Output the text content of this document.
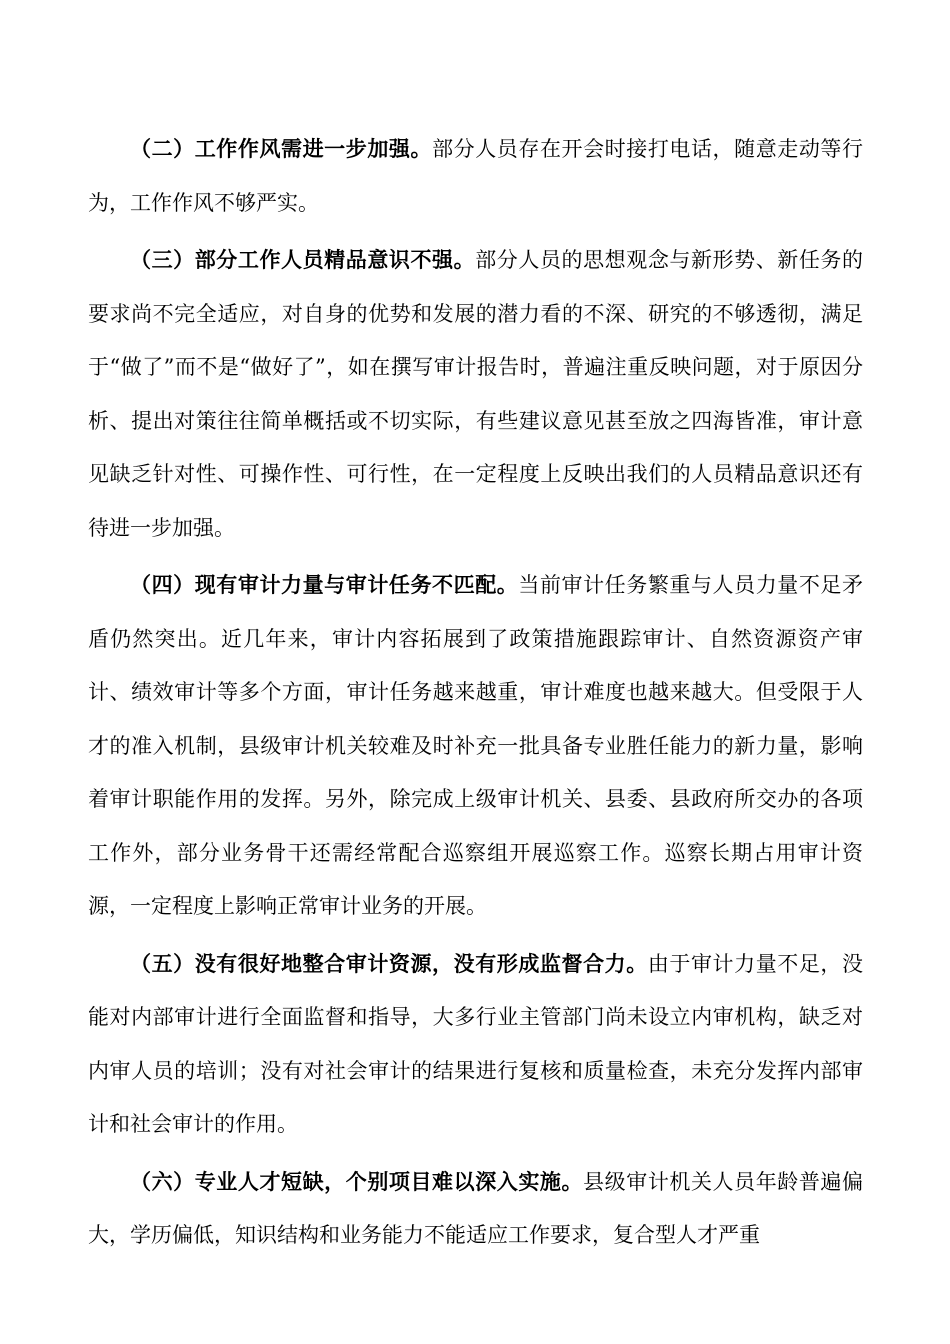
（二）工作作风需进一步加强。部分人员存在开会时接打电话，随意走动等行为，工作作风不够严实。

（三）部分工作人员精品意识不强。部分人员的思想观念与新形势、新任务的要求尚不完全适应，对自身的优势和发展的潜力看的不深、研究的不够透彻，满足于“做了”而不是“做好了”，如在撰写审计报告时，普遍注重反映问题，对于原因分析、提出对策往往简单概括或不切实际，有些建议意见甚至放之四海皆准，审计意见缺乏针对性、可操作性、可行性，在一定程度上反映出我们的人员精品意识还有待进一步加强。

（四）现有审计力量与审计任务不匹配。当前审计任务繁重与人员力量不足矛盾仍然突出。近几年来，审计内容拓展到了政策措施跟踪审计、自然资源资产审计、绩效审计等多个方面，审计任务越来越重，审计难度也越来越大。但受限于人才的准入机制，县级审计机关较难及时补充一批具备专业胜任能力的新力量，影响着审计职能作用的发挥。另外，除完成上级审计机关、县委、县政府所交办的各项工作外，部分业务骨干还需经常配合巡察组开展巡察工作。巡察长期占用审计资源，一定程度上影响正常审计业务的开展。

（五）没有很好地整合审计资源，没有形成监督合力。由于审计力量不足，没能对内部审计进行全面监督和指导，大多行业主管部门尚未设立内审机构，缺乏对内审人员的培训；没有对社会审计的结果进行复核和质量检查，未充分发挥内部审计和社会审计的作用。

（六）专业人才短缺，个别项目难以深入实施。县级审计机关人员年龄普遍偏大，学历偏低，知识结构和业务能力不能适应工作要求，复合型人才严重
